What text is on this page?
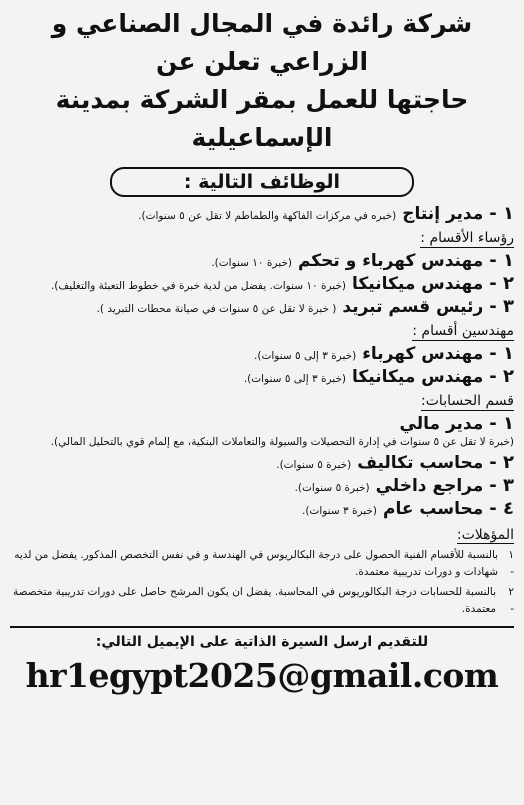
شركة رائدة في المجال الصناعي و الزراعي تعلن عن
حاجتها للعمل بمقر الشركة بمدينة الإسماعيلية
الوظائف التالية :
١ -
مدير إنتاج
(خبره في مركزات الفاكهة والطماطم لا تقل عن ٥ سنوات).
رؤساء الأقسام :
١ -
مهندس كهرباء و تحكم
(خبرة ١٠ سنوات).
٢ -
مهندس ميكانيكا
(خبرة ١٠ سنوات. يفضل من لدية خبرة في خطوط التعبئة والتغليف).
٣ -
رئيس قسم تبريد
( خبرة لا تقل عن ٥ سنوات في صيانة محطات التبريد ).
مهندسين أقسام :
١ -
مهندس كهرباء
(خبرة ٣ إلى ٥ سنوات).
٢ -
مهندس ميكانيكا
(خبرة ٣ إلى ٥ سنوات).
قسم الحسابات:
١ -
مدير مالي
(خبرة لا تقل عن ٥ سنوات في إدارة التحصيلات والسيولة والتعاملات البنكية، مع إلمام قوي بالتحليل المالي).
٢ -
محاسب تكاليف
(خبرة ٥ سنوات).
٣ -
مراجع داخلي
(خبرة ٥ سنوات).
٤ -
محاسب عام
(خبرة ٣ سنوات).
المؤهلات:
١ -
بالنسبة للأقسام الفنية الحصول على درجة البكالريوس في الهندسة و في نفس التخصص المذكور. يفضل من لديه شهادات و دورات تدريبية معتمدة.
٢ -
بالنسبة للحسابات درجة البكالوريوس في المحاسبة. يفضل ان يكون المرشح حاصل على دورات تدريبية متخصصة معتمدة.
للتقديم ارسل السيرة الذاتية على الإيميل التالي:
hr1egypt2025@gmail.com
